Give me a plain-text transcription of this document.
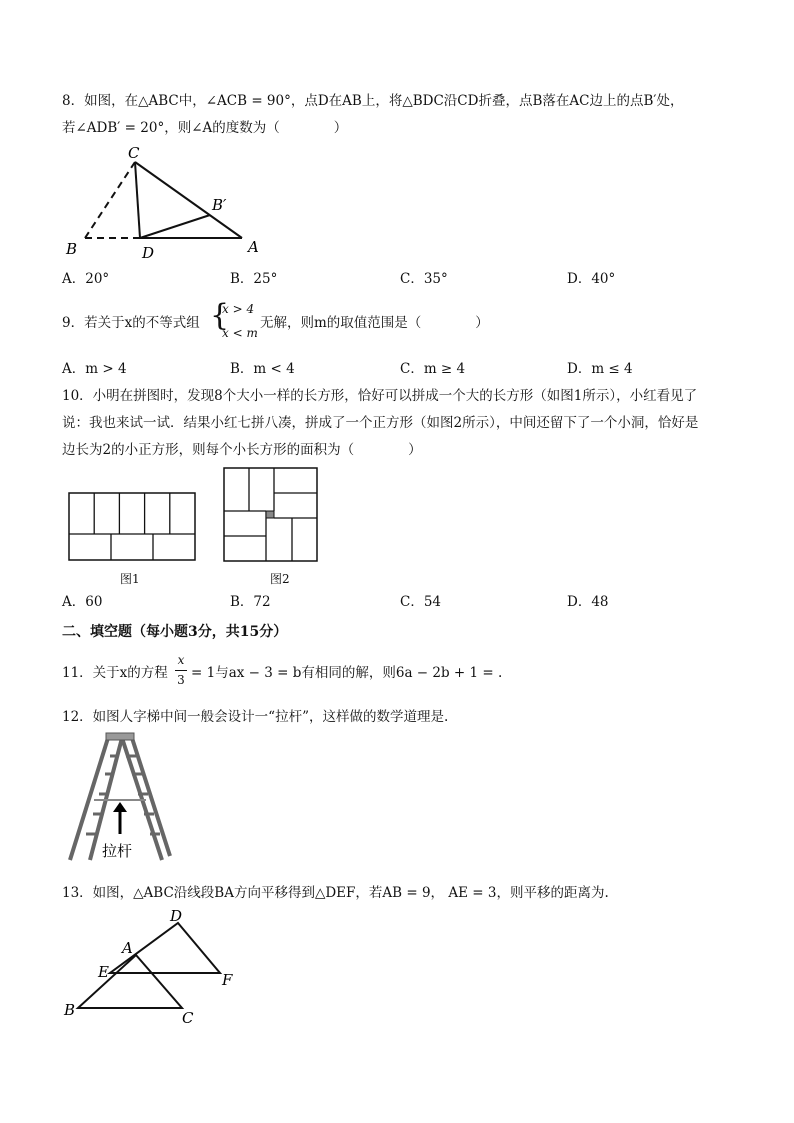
8．如图，在△ABC中，∠ACB = 90°，点D在AB上，将△BDC沿CD折叠，点B落在AC边上的点B′处，
若∠ADB′ = 20°，则∠A的度数为（　　　　）
C
B′
B	D	A
A．20°	B．25°	C．35°	D．40°
9．若关于x的不等式组 {
x > 4
x < m
无解，则m的取值范围是（　　　　）
A．m > 4	B．m < 4	C．m ≥ 4	D．m ≤ 4
10．小明在拼图时，发现8个大小一样的长方形，恰好可以拼成一个大的长方形（如图1所示），小红看见了
说：我也来试一试．结果小红七拼八凑，拼成了一个正方形（如图2所示），中间还留下了一个小洞，恰好是
边长为2的小正方形，则每个小长方形的面积为（　　　　）
图1	图2
A．60	B．72	C．54	D．48
二、填空题（每小题3分，共15分）
11．关于x的方程
x
3 = 1与ax − 3 = b有相同的解，则6a − 2b + 1 = .
12．如图人字梯中间一般会设计一“拉杆”，这样做的数学道理是.
拉杆
13．如图，△ABC沿线段BA方向平移得到△DEF，若AB = 9， AE = 3，则平移的距离为.
D
A
E	F
B	C
